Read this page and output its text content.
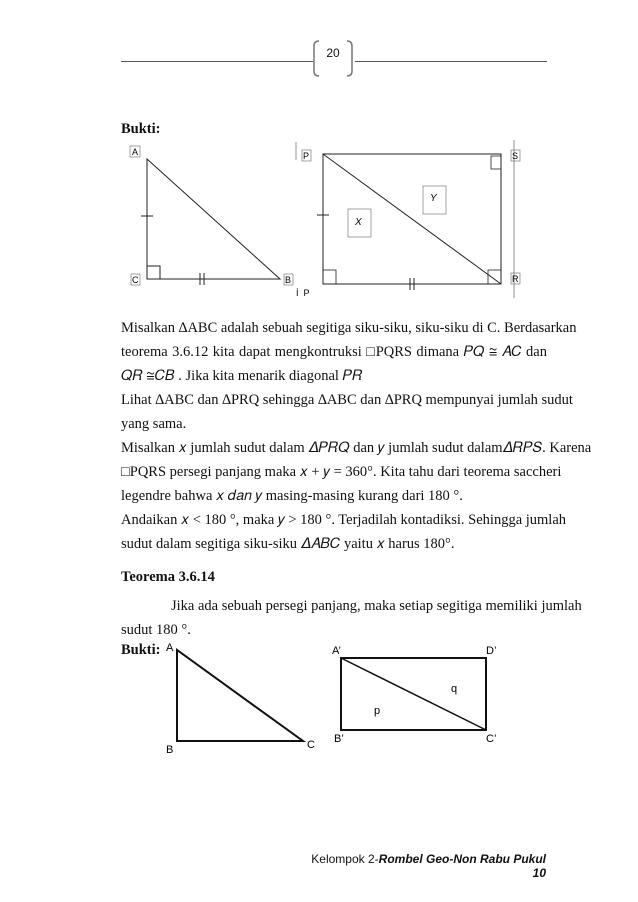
20
Bukti:
A
C	B
X
Y
P	S
R
İ  P
Misalkan ∆ABC adalah sebuah segitiga siku-siku, siku-siku di C. Berdasarkan
teorema 3.6.12 kita dapat mengkontruksi □PQRS dimana 𝑃𝑄 ≅ 𝐴𝐶 dan
𝑄𝑅 ≅𝐶𝐵 . Jika kita menarik diagonal 𝑃𝑅
Lihat ∆ABC dan ∆PRQ sehingga ∆ABC dan ∆PRQ mempunyai jumlah sudut
yang sama.
Misalkan 𝑥 jumlah sudut dalam 𝛥𝑃𝑅𝑄 dan 𝑦 jumlah sudut dalam𝛥𝑅𝑃𝑆. Karena
□PQRS persegi panjang maka 𝑥 + 𝑦 = 360°. Kita tahu dari teorema saccheri
legendre bahwa 𝑥 𝑑𝑎𝑛 𝑦 masing-masing kurang dari 180 °.
Andaikan 𝑥 < 180 °, maka 𝑦 > 180 °. Terjadilah kontadiksi. Sehingga jumlah
sudut dalam segitiga siku-siku 𝛥𝐴𝐵𝐶 yaitu 𝑥 harus 180°.
Teorema 3.6.14
Jika ada sebuah persegi panjang, maka setiap segitiga memiliki jumlah
sudut 180 °.
Bukti: A
B	C
A’	D’
B’	C’
p
q
Kelompok 2-Rombel Geo-Non Rabu Pukul 10
